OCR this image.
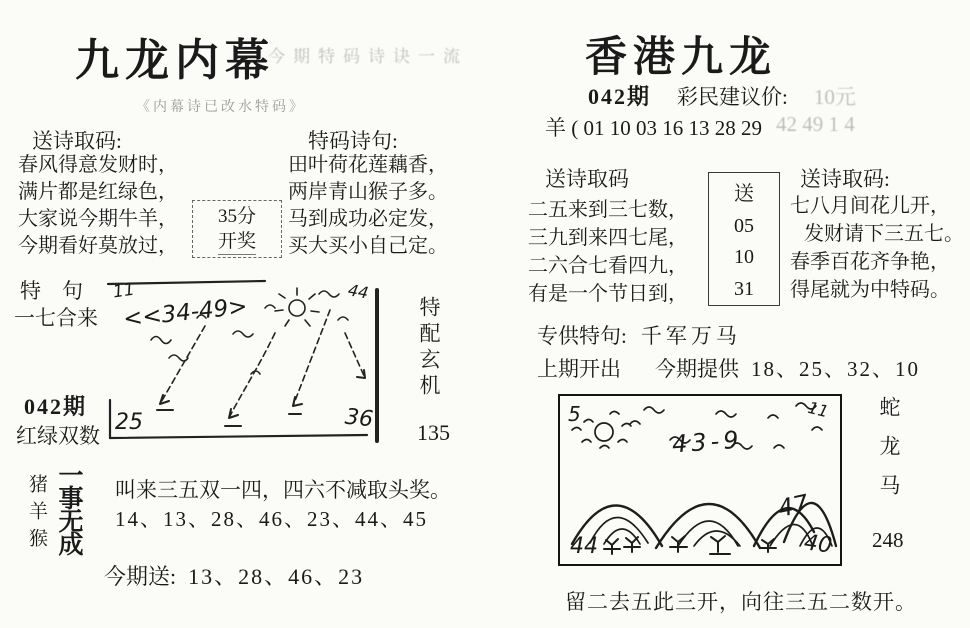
九龙内幕
今期特码诗诀一流
《内幕诗已改水特码》
送诗取码:
春风得意发财时，
满片都是红绿色，
大家说今期牛羊，
今期看好莫放过，
35分
开奖
特码诗句:
田叶荷花莲藕香，
两岸青山猴子多。
马到成功必定发，
买大买小自己定。
特　句
一七合来
042期
红绿双数
11
<<34-49>
44
25	36
特配玄机
135
猪羊猴 一事无成 叫来三五双一四，四六不减取头奖。
14、13、28、46、23、44、45
今期送: 13、28、46、23
香港九龙
042期 彩民建议价: 10元
羊 ( 01 10 03 16 13 28 29 42 49 1 4
送诗取码
二五来到三七数，
三九到来四七尾，
二六合七看四九，
有是一个节日到，
送
05
10
31
送诗取码:
七八月间花儿开，
发财请下三五七。
春季百花齐争艳，
得尾就为中特码。
专供特句: 千军万马
上期开出 今期提供 18、25、32、10
5	11
43-9
47
44	40
蛇龙马
248
留二去五此三开，向往三五二数开。
